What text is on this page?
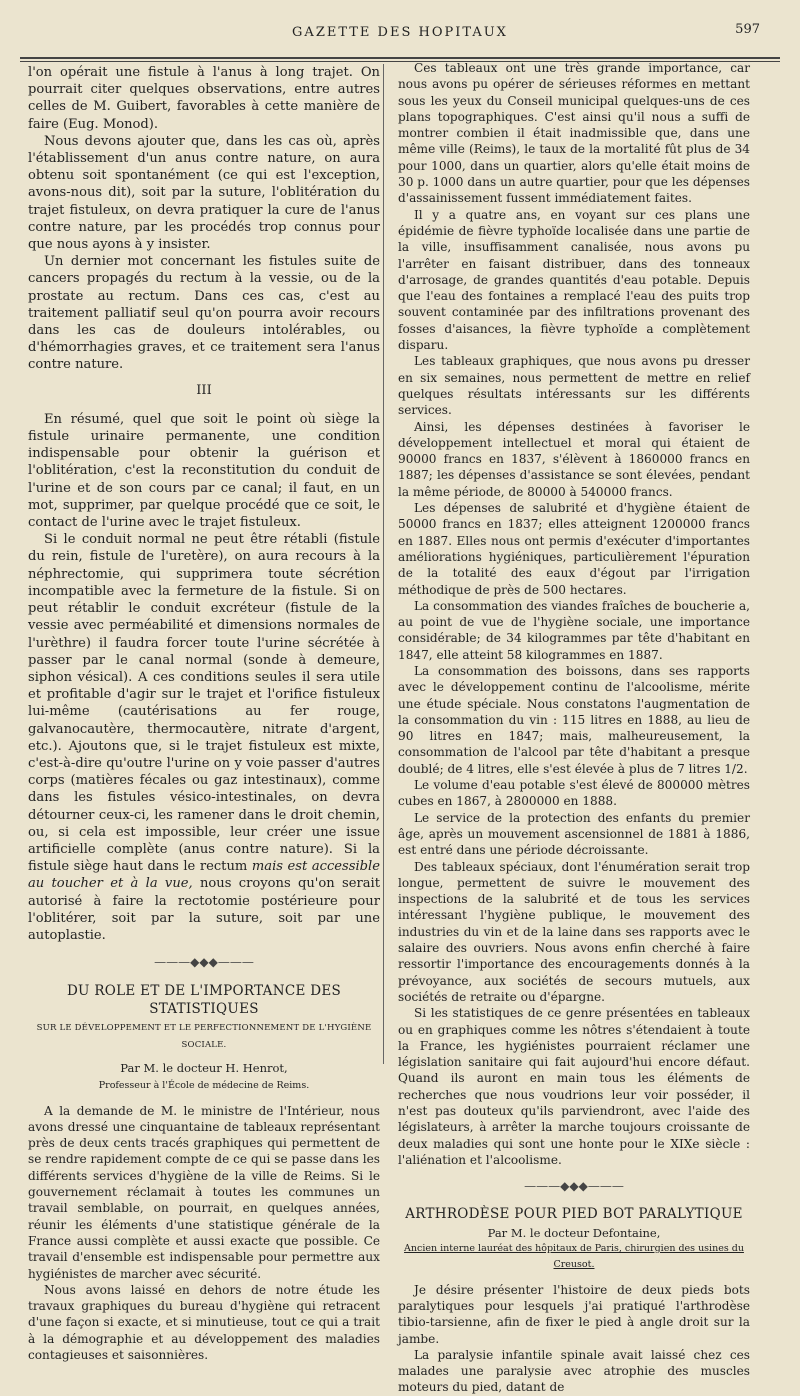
GAZETTE DES HOPITAUX	597

l'on opérait une fistule à l'anus à long trajet. On pourrait citer quelques observations, entre autres celles de M. Guibert, favorables à cette manière de faire (Eug. Monod).

Nous devons ajouter que, dans les cas où, après l'établissement d'un anus contre nature, on aura obtenu soit spontanément (ce qui est l'exception, avons-nous dit), soit par la suture, l'oblitération du trajet fistuleux, on devra pratiquer la cure de l'anus contre nature, par les procédés trop connus pour que nous ayons à y insister.

Un dernier mot concernant les fistules suite de cancers propagés du rectum à la vessie, ou de la prostate au rectum. Dans ces cas, c'est au traitement palliatif seul qu'on pourra avoir recours dans les cas de douleurs intolérables, ou d'hémorrhagies graves, et ce traitement sera l'anus contre nature.

III

En résumé, quel que soit le point où siège la fistule urinaire permanente, une condition indispensable pour obtenir la guérison et l'oblitération, c'est la reconstitution du conduit de l'urine et de son cours par ce canal; il faut, en un mot, supprimer, par quelque procédé que ce soit, le contact de l'urine avec le trajet fistuleux.

Si le conduit normal ne peut être rétabli (fistule du rein, fistule de l'uretère), on aura recours à la néphrectomie, qui supprimera toute sécrétion incompatible avec la fermeture de la fistule. Si on peut rétablir le conduit excréteur (fistule de la vessie avec perméabilité et dimensions normales de l'urèthre) il faudra forcer toute l'urine sécrétée à passer par le canal normal (sonde à demeure, siphon vésical). A ces conditions seules il sera utile et profitable d'agir sur le trajet et l'orifice fistuleux lui-même (cautérisations au fer rouge, galvanocautère, thermocautère, nitrate d'argent, etc.). Ajoutons que, si le trajet fistuleux est mixte, c'est-à-dire qu'outre l'urine on y voie passer d'autres corps (matières fécales ou gaz intestinaux), comme dans les fistules vésico-intestinales, on devra détourner ceux-ci, les ramener dans le droit chemin, ou, si cela est impossible, leur créer une issue artificielle complète (anus contre nature). Si la fistule siège haut dans le rectum mais est accessible au toucher et à la vue, nous croyons qu'on serait autorisé à faire la rectotomie postérieure pour l'oblitérer, soit par la suture, soit par une autoplastie.

———◆◆◆———
DU ROLE ET DE L'IMPORTANCE DES STATISTIQUES
SUR LE DÉVELOPPEMENT ET LE PERFECTIONNEMENT DE L'HYGIÈNE SOCIALE.
Par M. le docteur H. Henrot,
Professeur à l'École de médecine de Reims.

A la demande de M. le ministre de l'Intérieur, nous avons dressé une cinquantaine de tableaux représentant près de deux cents tracés graphiques qui permettent de se rendre rapidement compte de ce qui se passe dans les différents services d'hygiène de la ville de Reims. Si le gouvernement réclamait à toutes les communes un travail semblable, on pourrait, en quelques années, réunir les éléments d'une statistique générale de la France aussi complète et aussi exacte que possible. Ce travail d'ensemble est indispensable pour permettre aux hygiénistes de marcher avec sécurité.

Nous avons laissé en dehors de notre étude les travaux graphiques du bureau d'hygiène qui retracent d'une façon si exacte, et si minutieuse, tout ce qui a trait à la démographie et au développement des maladies contagieuses et saisonnières.

Ces tableaux ont une très grande importance, car nous avons pu opérer de sérieuses réformes en mettant sous les yeux du Conseil municipal quelques-uns de ces plans topographiques. C'est ainsi qu'il nous a suffi de montrer combien il était inadmissible que, dans une même ville (Reims), le taux de la mortalité fût plus de 34 pour 1000, dans un quartier, alors qu'elle était moins de 30 p. 1000 dans un autre quartier, pour que les dépenses d'assainissement fussent immédiatement faites.

Il y a quatre ans, en voyant sur ces plans une épidémie de fièvre typhoïde localisée dans une partie de la ville, insuffisamment canalisée, nous avons pu l'arrêter en faisant distribuer, dans des tonneaux d'arrosage, de grandes quantités d'eau potable. Depuis que l'eau des fontaines a remplacé l'eau des puits trop souvent contaminée par des infiltrations provenant des fosses d'aisances, la fièvre typhoïde a complètement disparu.

Les tableaux graphiques, que nous avons pu dresser en six semaines, nous permettent de mettre en relief quelques résultats intéressants sur les différents services.

Ainsi, les dépenses destinées à favoriser le développement intellectuel et moral qui étaient de 90000 francs en 1837, s'élèvent à 1860000 francs en 1887; les dépenses d'assistance se sont élevées, pendant la même période, de 80000 à 540000 francs.

Les dépenses de salubrité et d'hygiène étaient de 50000 francs en 1837; elles atteignent 1200000 francs en 1887. Elles nous ont permis d'exécuter d'importantes améliorations hygiéniques, particulièrement l'épuration de la totalité des eaux d'égout par l'irrigation méthodique de près de 500 hectares.

La consommation des viandes fraîches de boucherie a, au point de vue de l'hygiène sociale, une importance considérable; de 34 kilogrammes par tête d'habitant en 1847, elle atteint 58 kilogrammes en 1887.

La consommation des boissons, dans ses rapports avec le développement continu de l'alcoolisme, mérite une étude spéciale. Nous constatons l'augmentation de la consommation du vin : 115 litres en 1888, au lieu de 90 litres en 1847; mais, malheureusement, la consommation de l'alcool par tête d'habitant a presque doublé; de 4 litres, elle s'est élevée à plus de 7 litres 1/2.

Le volume d'eau potable s'est élevé de 800000 mètres cubes en 1867, à 2800000 en 1888.

Le service de la protection des enfants du premier âge, après un mouvement ascensionnel de 1881 à 1886, est entré dans une période décroissante.

Des tableaux spéciaux, dont l'énumération serait trop longue, permettent de suivre le mouvement des inspections de la salubrité et de tous les services intéressant l'hygiène publique, le mouvement des industries du vin et de la laine dans ses rapports avec le salaire des ouvriers. Nous avons enfin cherché à faire ressortir l'importance des encouragements donnés à la prévoyance, aux sociétés de secours mutuels, aux sociétés de retraite ou d'épargne.

Si les statistiques de ce genre présentées en tableaux ou en graphiques comme les nôtres s'étendaient à toute la France, les hygiénistes pourraient réclamer une législation sanitaire qui fait aujourd'hui encore défaut. Quand ils auront en main tous les éléments de recherches que nous voudrions leur voir posséder, il n'est pas douteux qu'ils parviendront, avec l'aide des législateurs, à arrêter la marche toujours croissante de deux maladies qui sont une honte pour le XIXe siècle : l'aliénation et l'alcoolisme.

———◆◆◆———
ARTHRODÈSE POUR PIED BOT PARALYTIQUE
Par M. le docteur Defontaine,
Ancien interne lauréat des hôpitaux de Paris, chirurgien des usines du Creusot.

Je désire présenter l'histoire de deux pieds bots paralytiques pour lesquels j'ai pratiqué l'arthrodèse tibio-tarsienne, afin de fixer le pied à angle droit sur la jambe.

La paralysie infantile spinale avait laissé chez ces malades une paralysie avec atrophie des muscles moteurs du pied, datant de
